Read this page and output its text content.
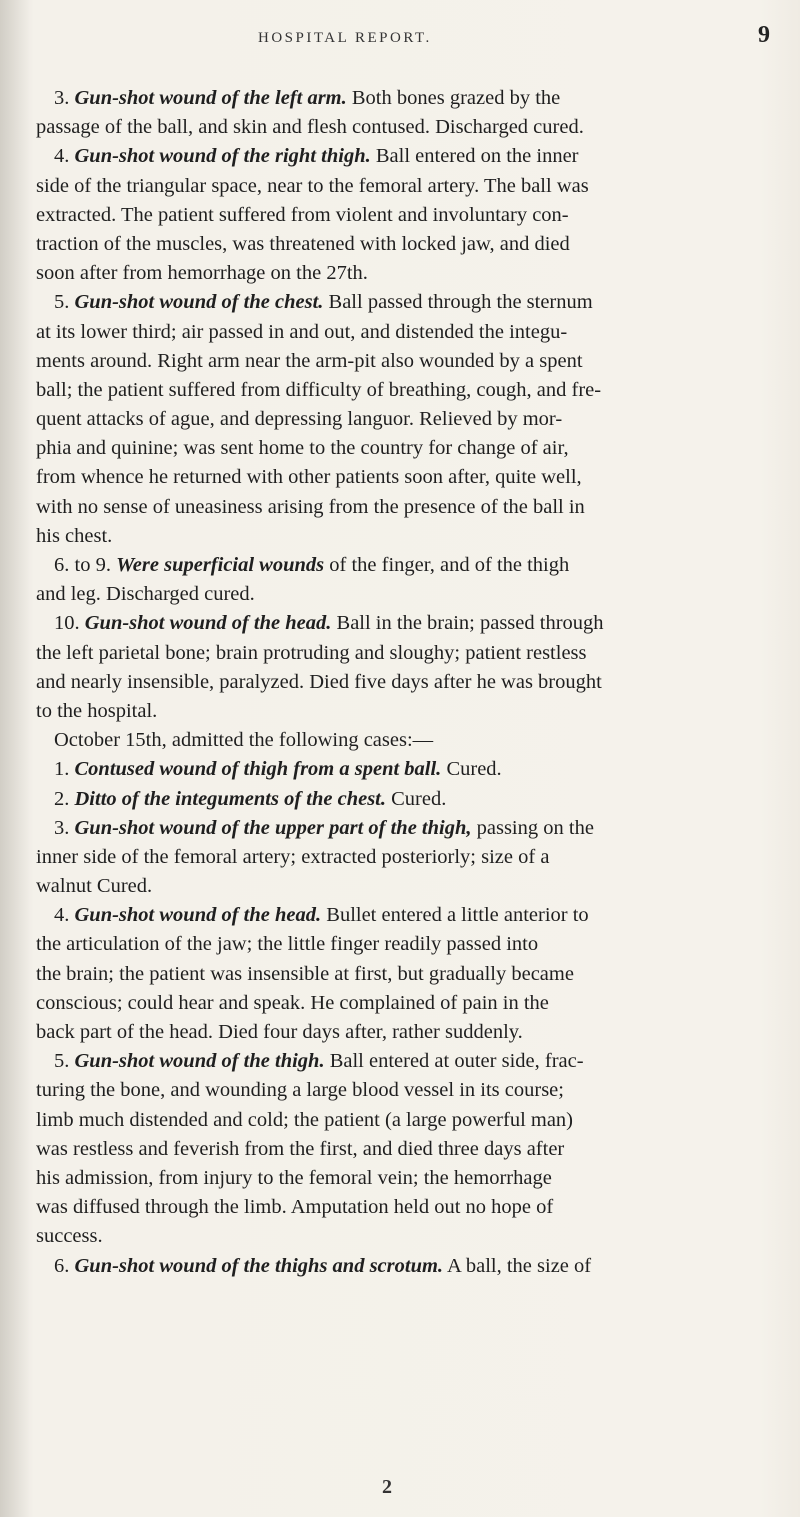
HOSPITAL REPORT.	9
3. Gun-shot wound of the left arm. Both bones grazed by the
passage of the ball, and skin and flesh contused. Discharged cured.
4. Gun-shot wound of the right thigh. Ball entered on the inner
side of the triangular space, near to the femoral artery. The ball was
extracted. The patient suffered from violent and involuntary con-
traction of the muscles, was threatened with locked jaw, and died
soon after from hemorrhage on the 27th.
5. Gun-shot wound of the chest. Ball passed through the sternum
at its lower third; air passed in and out, and distended the integu-
ments around. Right arm near the arm-pit also wounded by a spent
ball; the patient suffered from difficulty of breathing, cough, and fre-
quent attacks of ague, and depressing languor. Relieved by mor-
phia and quinine; was sent home to the country for change of air,
from whence he returned with other patients soon after, quite well,
with no sense of uneasiness arising from the presence of the ball in
his chest.
6. to 9. Were superficial wounds of the finger, and of the thigh
and leg. Discharged cured.
10. Gun-shot wound of the head. Ball in the brain; passed through
the left parietal bone; brain protruding and sloughy; patient restless
and nearly insensible, paralyzed. Died five days after he was brought
to the hospital.
October 15th, admitted the following cases:—
1. Contused wound of thigh from a spent ball. Cured.
2. Ditto of the integuments of the chest. Cured.
3. Gun-shot wound of the upper part of the thigh, passing on the
inner side of the femoral artery; extracted posteriorly; size of a
walnut Cured.
4. Gun-shot wound of the head. Bullet entered a little anterior to
the articulation of the jaw; the little finger readily passed into
the brain; the patient was insensible at first, but gradually became
conscious; could hear and speak. He complained of pain in the
back part of the head. Died four days after, rather suddenly.
5. Gun-shot wound of the thigh. Ball entered at outer side, frac-
turing the bone, and wounding a large blood vessel in its course;
limb much distended and cold; the patient (a large powerful man)
was restless and feverish from the first, and died three days after
his admission, from injury to the femoral vein; the hemorrhage
was diffused through the limb. Amputation held out no hope of
success.
6. Gun-shot wound of the thighs and scrotum. A ball, the size of
2
